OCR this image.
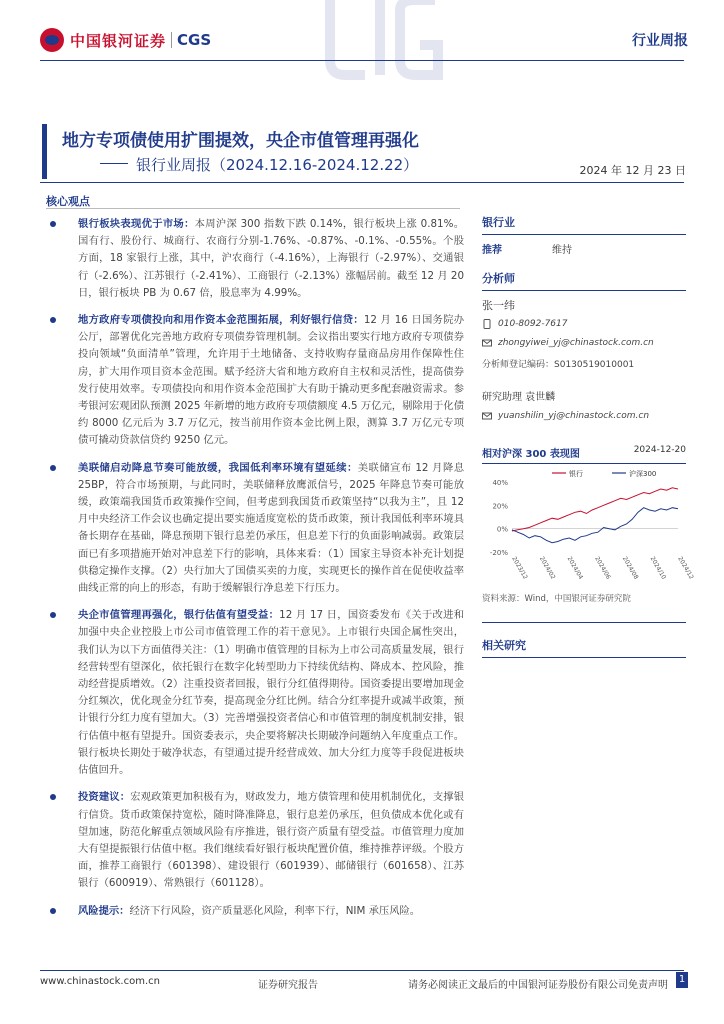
中国银河证券 CGS	行业周报
地方专项债使用扩围提效，央企市值管理再强化
银行业周报（2024.12.16-2024.12.22）	2024 年 12 月 23 日
核心观点
银行板块表现优于市场：本周沪深 300 指数下跌 0.14%，银行板块上涨 0.81%。国有行、股份行、城商行、农商行分别-1.76%、-0.87%、-0.1%、-0.55%。个股方面，18 家银行上涨，其中，沪农商行（-4.16%），上海银行（-2.97%）、交通银行（-2.6%）、江苏银行（-2.41%）、工商银行（-2.13%）涨幅居前。截至 12 月 20 日，银行板块 PB 为 0.67 倍，股息率为 4.99%。
地方政府专项债投向和用作资本金范围拓展，利好银行信贷：12 月 16 日国务院办公厅，部署优化完善地方政府专项债券管理机制。会议指出要实行地方政府专项债券投向领域“负面清单”管理，允许用于土地储备、支持收购存量商品房用作保障性住房，扩大用作项目资本金范围。赋予经济大省和地方政府自主权和灵活性，提高债券发行使用效率。专项债投向和用作资本金范围扩大有助于撬动更多配套融资需求。参考银河宏观团队预测 2025 年新增的地方政府专项债额度 4.5 万亿元，剔除用于化债约 8000 亿元后为 3.7 万亿元，按当前用作资本金比例上限，测算 3.7 万亿元专项债可撬动贷款信贷约 9250 亿元。
美联储启动降息节奏可能放缓，我国低利率环境有望延续：美联储宣布 12 月降息 25BP，符合市场预期，与此同时，美联储释放鹰派信号，2025 年降息节奏可能放缓，政策端我国货币政策操作空间，但考虑到我国货币政策坚持“以我为主”，且 12 月中央经济工作会议也确定提出要实施适度宽松的货币政策，预计我国低利率环境具备长期存在基础，降息预期下银行息差仍承压，但息差下行的负面影响减弱。政策层面已有多项措施开始对冲息差下行的影响，具体来看：（1）国家主导资本补充计划提供稳定操作支撑。（2）央行加大了国债买卖的力度，实现更长的操作首在促使收益率曲线正常的向上的形态，有助于缓解银行净息差下行压力。
央企市值管理再强化，银行估值有望受益：12 月 17 日，国资委发布《关于改进和加强中央企业控股上市公司市值管理工作的若干意见》。上市银行央国企属性突出，我们认为以下方面值得关注：（1）明确市值管理的目标为上市公司高质量发展，银行经营转型有望深化，依托银行在数字化转型助力下持续优结构、降成本、控风险，推动经营提质增效。（2）注重投资者回报，银行分红值得期待。国资委提出要增加现金分红频次，优化现金分红节奏，提高现金分红比例。结合分红率提升或减半政策，预计银行分红力度有望加大。（3）完善增强投资者信心和市值管理的制度机制安排，银行估值中枢有望提升。国资委表示，央企要将解决长期破净问题纳入年度重点工作。银行板块长期处于破净状态，有望通过提升经营成效、加大分红力度等手段促进板块估值回升。
投资建议：宏观政策更加积极有为，财政发力，地方债管理和使用机制优化，支撑银行信贷。货币政策保持宽松，随时降准降息，银行息差仍承压，但负债成本优化或有望加速，防范化解重点领域风险有序推进，银行资产质量有望受益。市值管理力度加大有望提振银行估值中枢。我们继续看好银行板块配置价值，维持推荐评级。个股方面，推荐工商银行（601398）、建设银行（601939）、邮储银行（601658）、江苏银行（600919）、常熟银行（601128）。
风险提示：经济下行风险，资产质量恶化风险，利率下行，NIM 承压风险。
银行业
推荐	维持
分析师
张一纬
010-8092-7617
zhongyiwei_yj@chinastock.com.cn
分析师登记编码：S0130519010001
研究助理 袁世麟
yuanshilin_yj@chinastock.com.cn
相对沪深 300 表现图	2024-12-20
40%
20%
0%
-20%
银行	沪深300
2023/12 2024/02 2024/04 2024/06 2024/08 2024/10 2024/12
资料来源：Wind，中国银河证券研究院
相关研究
www.chinastock.com.cn	证券研究报告	请务必阅读正文最后的中国银河证券股份有限公司免责声明
1
